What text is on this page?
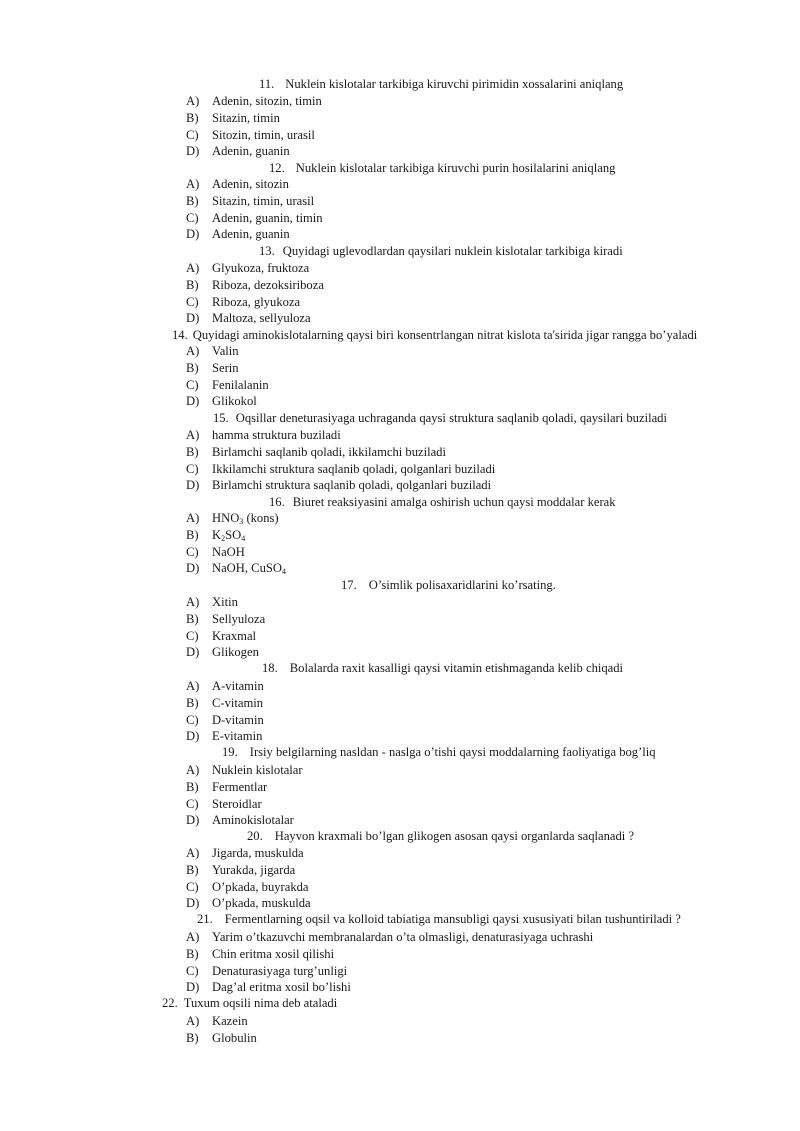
11. Nuklein kislotalar tarkibiga kiruvchi pirimidin xossalarini aniqlang
A) Adenin, sitozin, timin
B) Sitazin, timin
C) Sitozin, timin, urasil
D) Adenin, guanin
12. Nuklein kislotalar tarkibiga kiruvchi purin hosilalarini aniqlang
A) Adenin, sitozin
B) Sitazin, timin, urasil
C) Adenin, guanin, timin
D) Adenin, guanin
13. Quyidagi uglevodlardan qaysilari nuklein kislotalar tarkibiga kiradi
A) Glyukoza, fruktoza
B) Riboza, dezoksiriboza
C) Riboza, glyukoza
D) Maltoza, sellyuloza
14. Quyidagi aminokislotalarning qaysi biri konsentrlangan nitrat kislota ta'sirida jigar rangga bo’yaladi
A) Valin
B) Serin
C) Fenilalanin
D) Glikokol
15. Oqsillar deneturasiyaga uchraganda qaysi struktura saqlanib qoladi, qaysilari buziladi
A) hamma struktura buziladi
B) Birlamchi saqlanib qoladi, ikkilamchi buziladi
C) Ikkilamchi struktura saqlanib qoladi, qolganlari buziladi
D) Birlamchi struktura saqlanib qoladi, qolganlari buziladi
16. Biuret reaksiyasini amalga oshirish uchun qaysi moddalar kerak
A) $HNO_3$ (kons)
B) $K_2SO_4$
C) NaOH
D) NaOH, CuSO$_4$
17. O’simlik polisaxaridlarini ko’rsating.
A) Xitin
B) Sellyuloza
C) Kraxmal
D) Glikogen
18. Bolalarda raxit kasalligi qaysi vitamin etishmaganda kelib chiqadi
A) A-vitamin
B) C-vitamin
C) D-vitamin
D) E-vitamin
19. Irsiy belgilarning nasldan - naslga o’tishi qaysi moddalarning faoliyatiga bog’liq
A) Nuklein kislotalar
B) Fermentlar
C) Steroidlar
D) Aminokislotalar
20. Hayvon kraxmali bo’lgan glikogen asosan qaysi organlarda saqlanadi ?
A) Jigarda, muskulda
B) Yurakda, jigarda
C) O’pkada, buyrakda
D) O’pkada, muskulda
21. Fermentlarning oqsil va kolloid tabiatiga mansubligi qaysi xususiyati bilan tushuntiriladi ?
A) Yarim o’tkazuvchi membranalardan o’ta olmasligi, denaturasiyaga uchrashi
B) Chin eritma xosil qilishi
C) Denaturasiyaga turg’unligi
D) Dag’al eritma xosil bo’lishi
22. Tuxum oqsili nima deb ataladi
A) Kazein
B) Globulin
